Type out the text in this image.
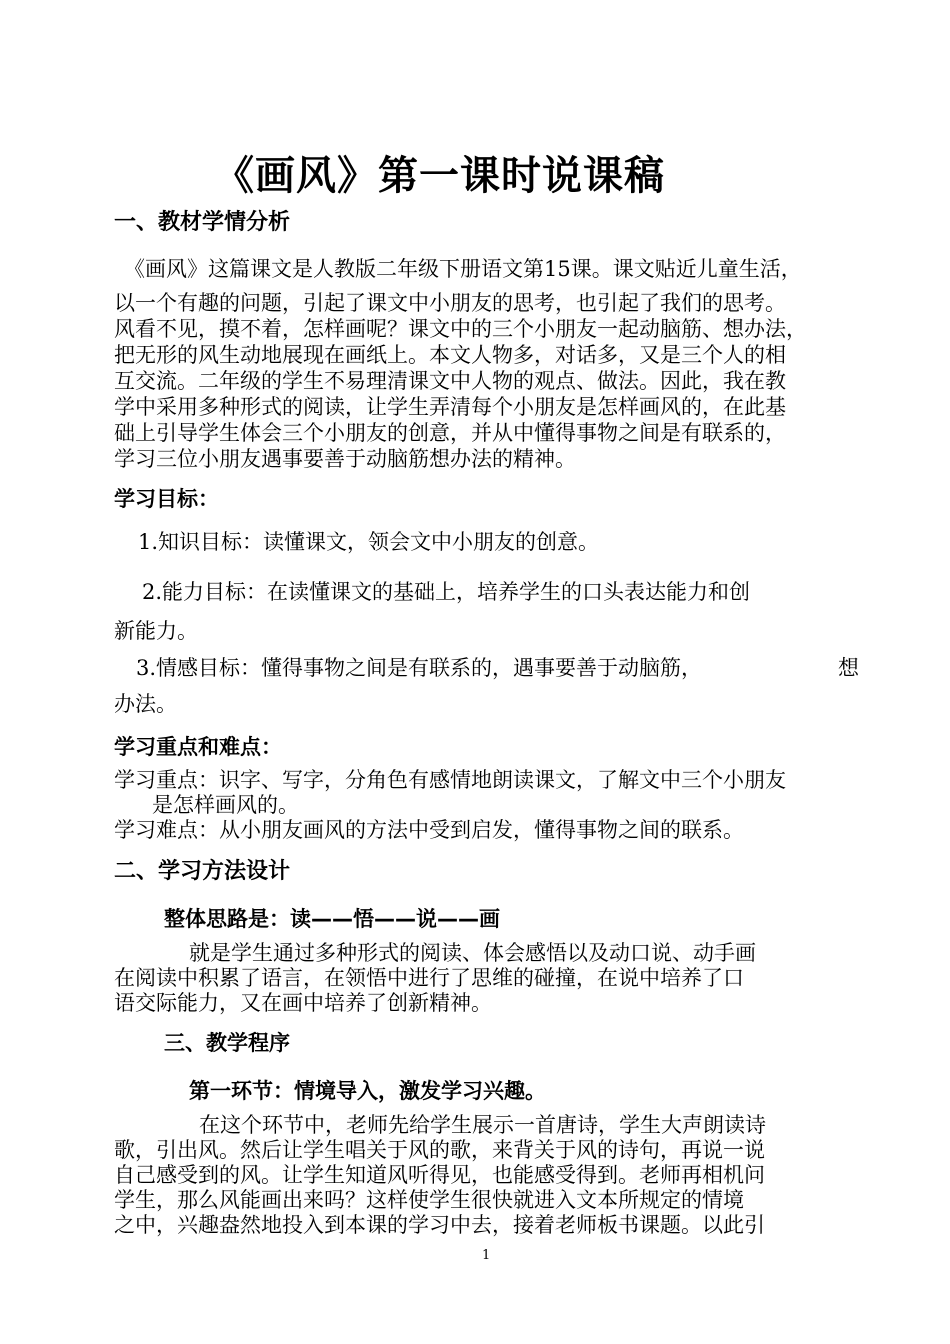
《画风》第一课时说课稿
一、教材学情分析

《画风》这篇课文是人教版二年级下册语文第15课。课文贴近儿童生活，

以一个有趣的问题，引起了课文中小朋友的思考，也引起了我们的思考。

风看不见，摸不着，怎样画呢？课文中的三个小朋友一起动脑筋、想办法，

把无形的风生动地展现在画纸上。本文人物多，对话多，又是三个人的相

互交流。二年级的学生不易理清课文中人物的观点、做法。因此，我在教

学中采用多种形式的阅读，让学生弄清每个小朋友是怎样画风的，在此基

础上引导学生体会三个小朋友的创意，并从中懂得事物之间是有联系的，

学习三位小朋友遇事要善于动脑筋想办法的精神。

学习目标：

1.知识目标：读懂课文，领会文中小朋友的创意。

2.能力目标：在读懂课文的基础上，培养学生的口头表达能力和创

新能力。

3.情感目标：懂得事物之间是有联系的，遇事要善于动脑筋，	想

办法。

学习重点和难点：

学习重点：识字、写字，分角色有感情地朗读课文，了解文中三个小朋友

是怎样画风的。

学习难点：从小朋友画风的方法中受到启发，懂得事物之间的联系。

二、学习方法设计

整体思路是：读——悟——说——画

就是学生通过多种形式的阅读、体会感悟以及动口说、动手画

在阅读中积累了语言，在领悟中进行了思维的碰撞，在说中培养了口

语交际能力，又在画中培养了创新精神。

三、教学程序

第一环节：情境导入，激发学习兴趣。

在这个环节中，老师先给学生展示一首唐诗，学生大声朗读诗

歌，引出风。然后让学生唱关于风的歌，来背关于风的诗句，再说一说

自己感受到的风。让学生知道风听得见，也能感受得到。老师再相机问

学生，那么风能画出来吗？这样使学生很快就进入文本所规定的情境

之中，兴趣盎然地投入到本课的学习中去，接着老师板书课题。以此引

1
